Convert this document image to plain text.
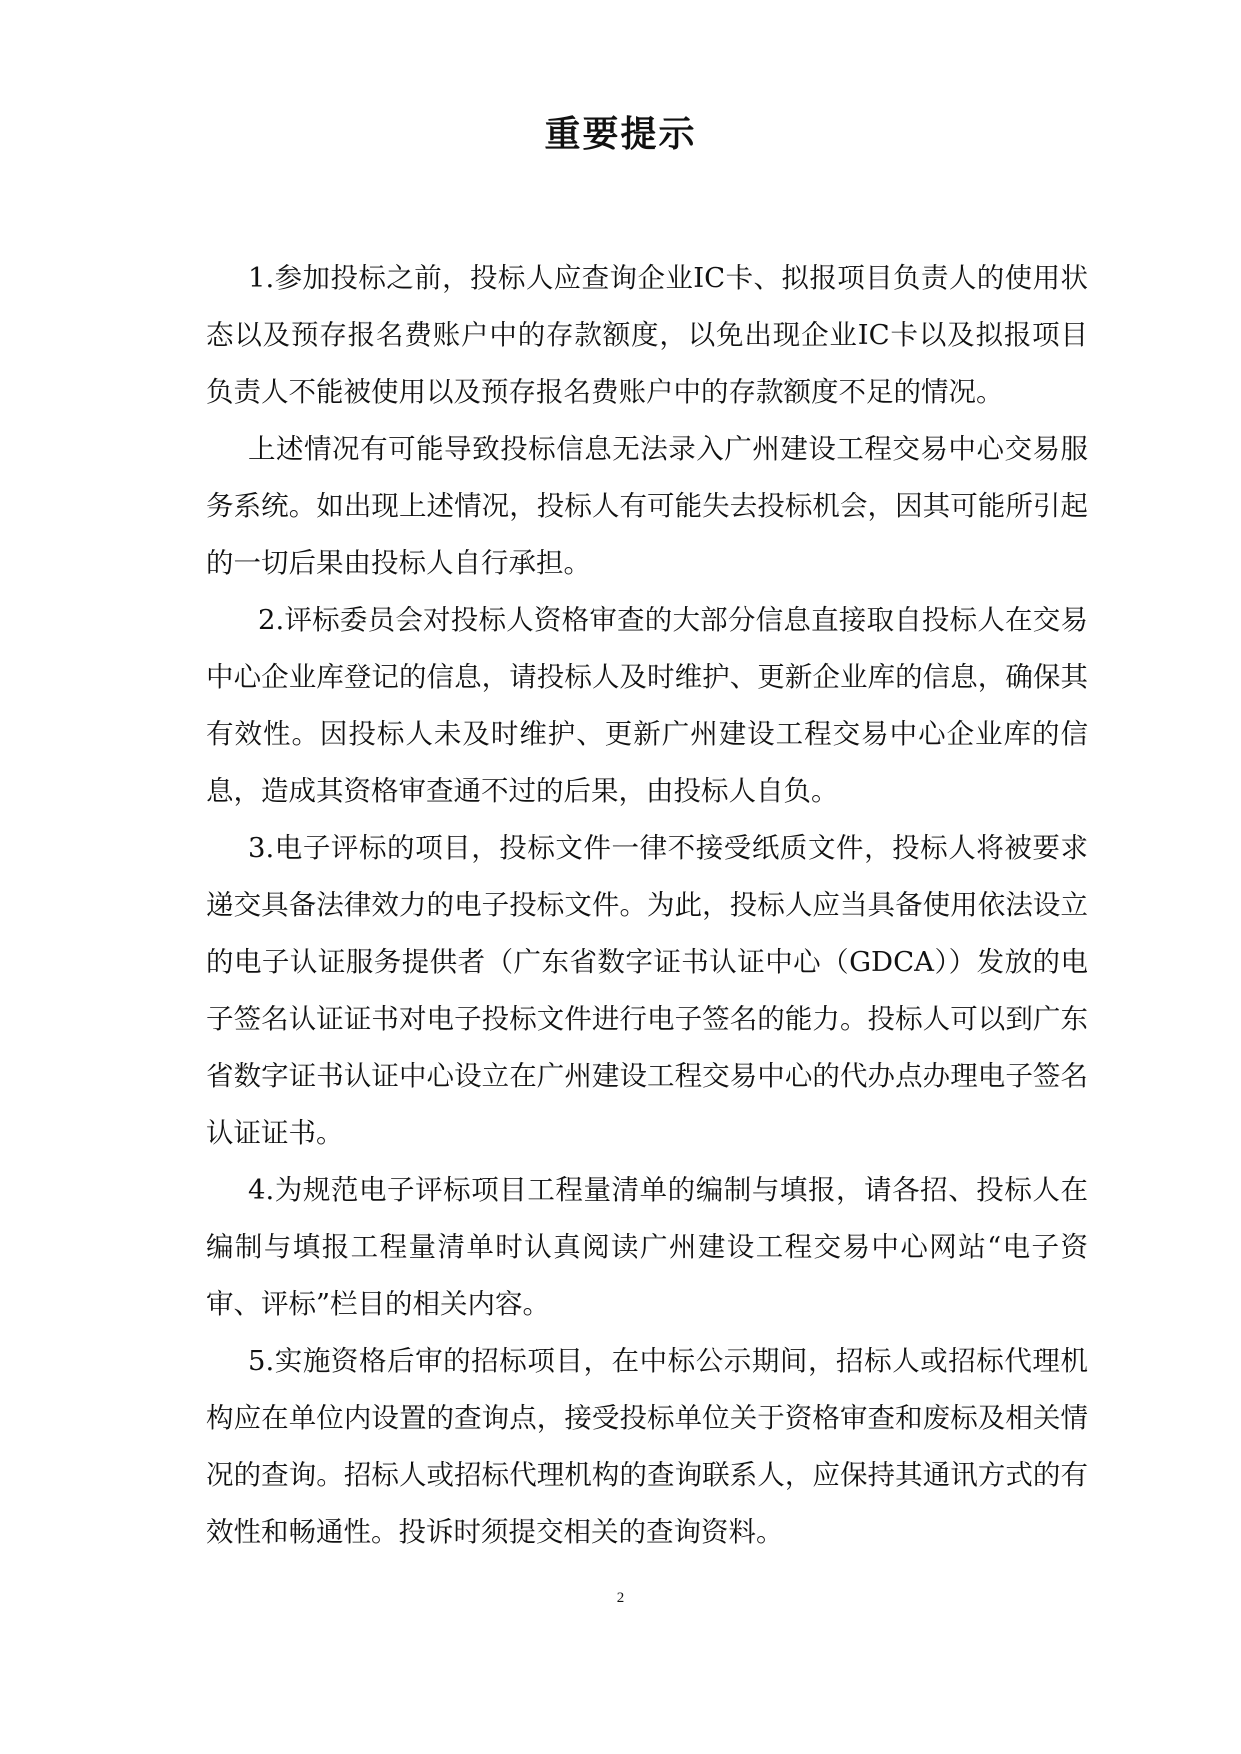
重要提示

1.参加投标之前，投标人应查询企业IC卡、拟报项目负责人的使用状态以及预存报名费账户中的存款额度，以免出现企业IC卡以及拟报项目负责人不能被使用以及预存报名费账户中的存款额度不足的情况。

上述情况有可能导致投标信息无法录入广州建设工程交易中心交易服务系统。如出现上述情况，投标人有可能失去投标机会，因其可能所引起的一切后果由投标人自行承担。

2.评标委员会对投标人资格审查的大部分信息直接取自投标人在交易中心企业库登记的信息，请投标人及时维护、更新企业库的信息，确保其有效性。因投标人未及时维护、更新广州建设工程交易中心企业库的信息，造成其资格审查通不过的后果，由投标人自负。

3.电子评标的项目，投标文件一律不接受纸质文件，投标人将被要求递交具备法律效力的电子投标文件。为此，投标人应当具备使用依法设立的电子认证服务提供者（广东省数字证书认证中心（GDCA））发放的电子签名认证证书对电子投标文件进行电子签名的能力。投标人可以到广东省数字证书认证中心设立在广州建设工程交易中心的代办点办理电子签名认证证书。

4.为规范电子评标项目工程量清单的编制与填报，请各招、投标人在编制与填报工程量清单时认真阅读广州建设工程交易中心网站“电子资审、评标”栏目的相关内容。

5.实施资格后审的招标项目，在中标公示期间，招标人或招标代理机构应在单位内设置的查询点，接受投标单位关于资格审查和废标及相关情况的查询。招标人或招标代理机构的查询联系人，应保持其通讯方式的有效性和畅通性。投诉时须提交相关的查询资料。

2
